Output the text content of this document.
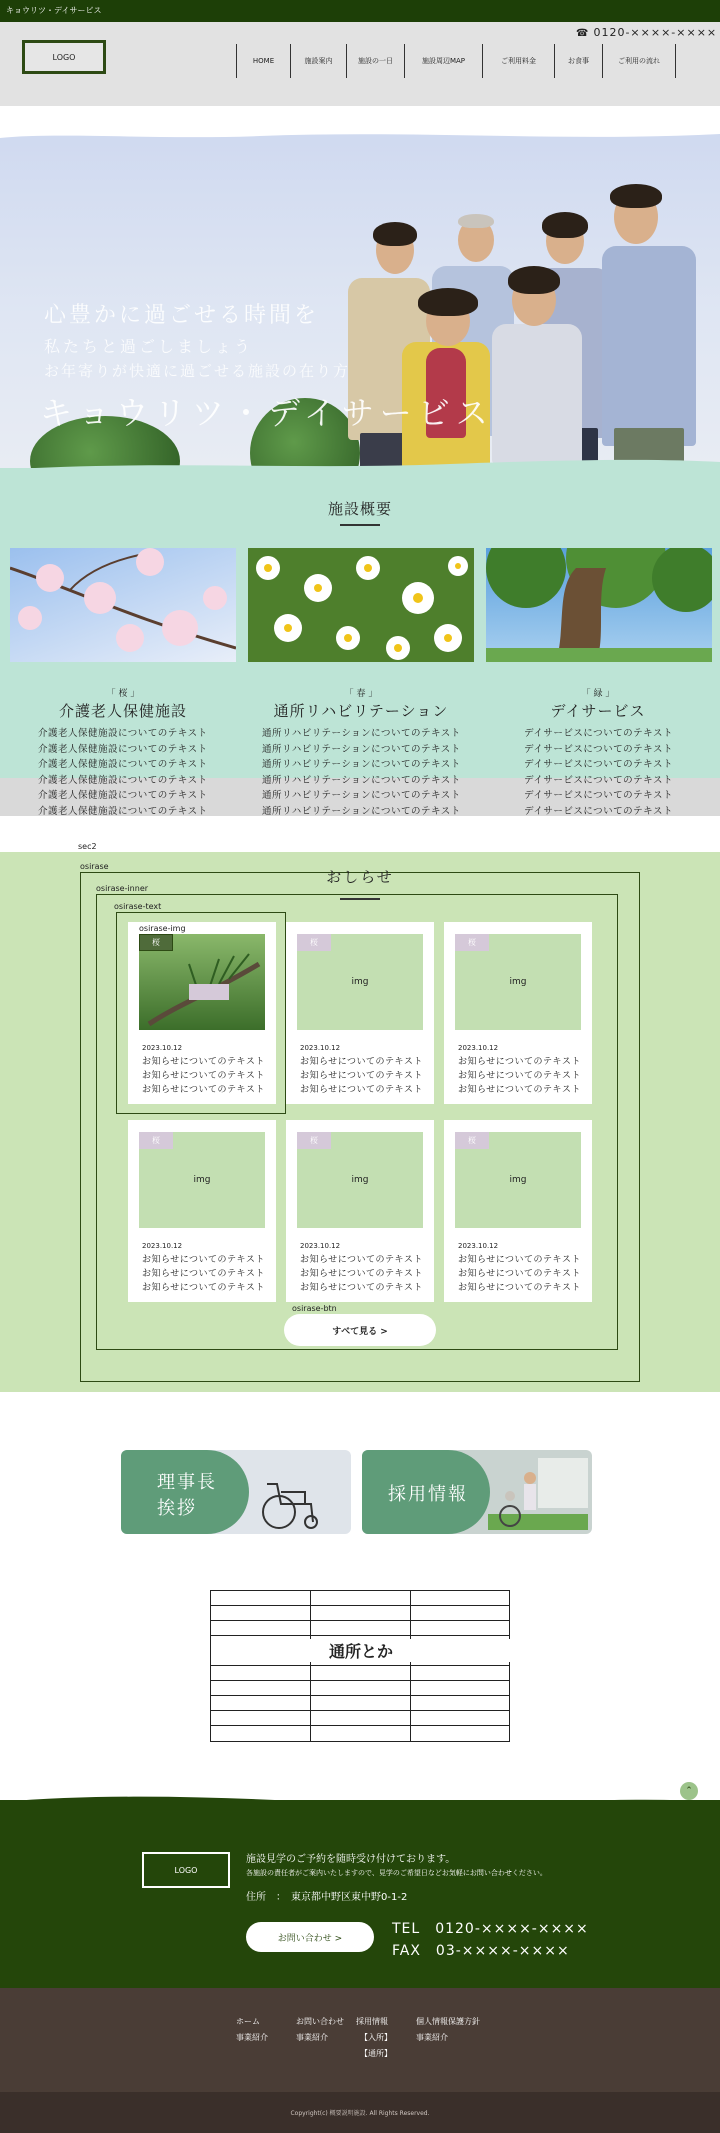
キョウリツ・デイサービス
LOGO
☎ 0120-××××-××××
HOME	施設案内	施設の一日	施設周辺MAP	ご利用料金	お食事	ご利用の流れ
心豊かに過ごせる時間を
私たちと過ごしましょう
お年寄りが快適に過ごせる施設の在り方
キョウリツ・デイサービス
施設概要
「 桜 」
介護老人保健施設
介護老人保健施設についてのテキスト
介護老人保健施設についてのテキスト
介護老人保健施設についてのテキスト
介護老人保健施設についてのテキスト
介護老人保健施設についてのテキスト
介護老人保健施設についてのテキスト
「 春 」
通所リハビリテーション
通所リハビリテーションについてのテキスト
通所リハビリテーションについてのテキスト
通所リハビリテーションについてのテキスト
通所リハビリテーションについてのテキスト
通所リハビリテーションについてのテキスト
通所リハビリテーションについてのテキスト
「 緑 」
デイサービス
デイサービスについてのテキスト
デイサービスについてのテキスト
デイサービスについてのテキスト
デイサービスについてのテキスト
デイサービスについてのテキスト
デイサービスについてのテキスト
sec2
osirase
osirase-inner
osirase-text
おしらせ
osirase-img
桜
2023.10.12
お知らせについてのテキスト
お知らせについてのテキスト
お知らせについてのテキスト
img
桜
2023.10.12
お知らせについてのテキスト
お知らせについてのテキスト
お知らせについてのテキスト
img
桜
2023.10.12
お知らせについてのテキスト
お知らせについてのテキスト
お知らせについてのテキスト
img
桜
2023.10.12
お知らせについてのテキスト
お知らせについてのテキスト
お知らせについてのテキスト
img
桜
2023.10.12
お知らせについてのテキスト
お知らせについてのテキスト
お知らせについてのテキスト
img
桜
2023.10.12
お知らせについてのテキスト
お知らせについてのテキスト
お知らせについてのテキスト
osirase-btn
すべて見る >
理事長
挨拶
採用情報
通所とか
⌃
LOGO
施設見学のご予約を随時受け付けております。
各施設の責任者がご案内いたしますので、見学のご希望日などお気軽にお問い合わせください。
住所　：　東京都中野区東中野0-1-2
お問い合わせ >
TEL　0120-××××-××××
FAX　03-××××-××××
ホーム
事業紹介
お問い合わせ
事業紹介
採用情報
【入所】
【通所】
個人情報保護方針
事業紹介
Copyright(c) 概要説明施設. All Rights Reserved.
